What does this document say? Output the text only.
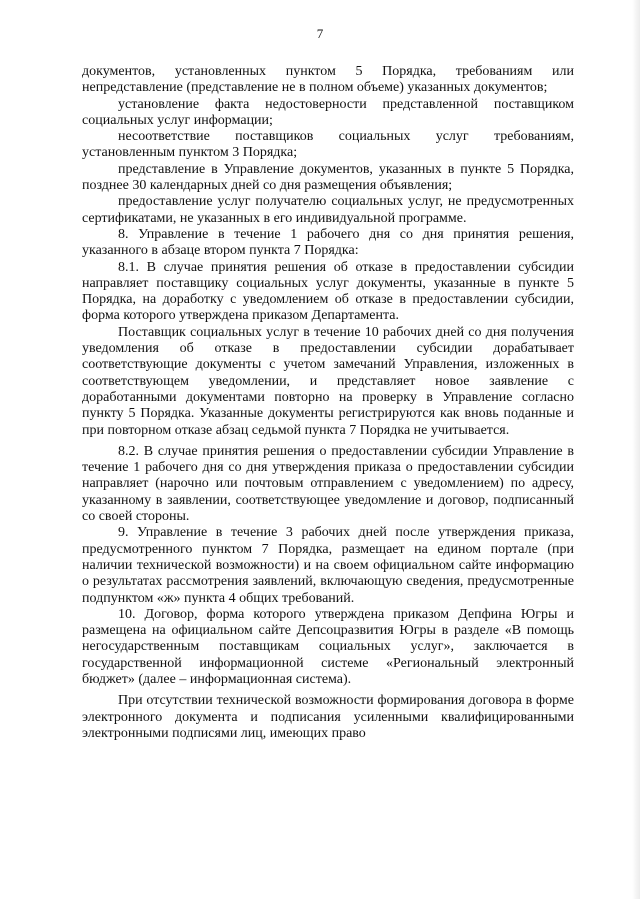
7

документов, установленных пунктом 5 Порядка, требованиям или непредставление (представление не в полном объеме) указанных документов;

установление факта недостоверности представленной поставщиком социальных услуг информации;

несоответствие поставщиков социальных услуг требованиям, установленным пунктом 3 Порядка;

представление в Управление документов, указанных в пункте 5 Порядка, позднее 30 календарных дней со дня размещения объявления;

предоставление услуг получателю социальных услуг, не предусмотренных сертификатами, не указанных в его индивидуальной программе.

8. Управление в течение 1 рабочего дня со дня принятия решения, указанного в абзаце втором пункта 7 Порядка:

8.1. В случае принятия решения об отказе в предоставлении субсидии направляет поставщику социальных услуг документы, указанные в пункте 5 Порядка, на доработку с уведомлением об отказе в предоставлении субсидии, форма которого утверждена приказом Департамента.

Поставщик социальных услуг в течение 10 рабочих дней со дня получения уведомления об отказе в предоставлении субсидии дорабатывает соответствующие документы с учетом замечаний Управления, изложенных в соответствующем уведомлении, и представляет новое заявление с доработанными документами повторно на проверку в Управление согласно пункту 5 Порядка. Указанные документы регистрируются как вновь поданные и при повторном отказе абзац седьмой пункта 7 Порядка не учитывается.

8.2. В случае принятия решения о предоставлении субсидии Управление в течение 1 рабочего дня со дня утверждения приказа о предоставлении субсидии направляет (нарочно или почтовым отправлением с уведомлением) по адресу, указанному в заявлении, соответствующее уведомление и договор, подписанный со своей стороны.

9. Управление в течение 3 рабочих дней после утверждения приказа, предусмотренного пунктом 7 Порядка, размещает на едином портале (при наличии технической возможности) и на своем официальном сайте информацию о результатах рассмотрения заявлений, включающую сведения, предусмотренные подпунктом «ж» пункта 4 общих требований.

10. Договор, форма которого утверждена приказом Депфина Югры и размещена на официальном сайте Депсоцразвития Югры в разделе «В помощь негосударственным поставщикам социальных услуг», заключается в государственной информационной системе «Региональный электронный бюджет» (далее – информационная система).

При отсутствии технической возможности формирования договора в форме электронного документа и подписания усиленными квалифицированными электронными подписями лиц, имеющих право
